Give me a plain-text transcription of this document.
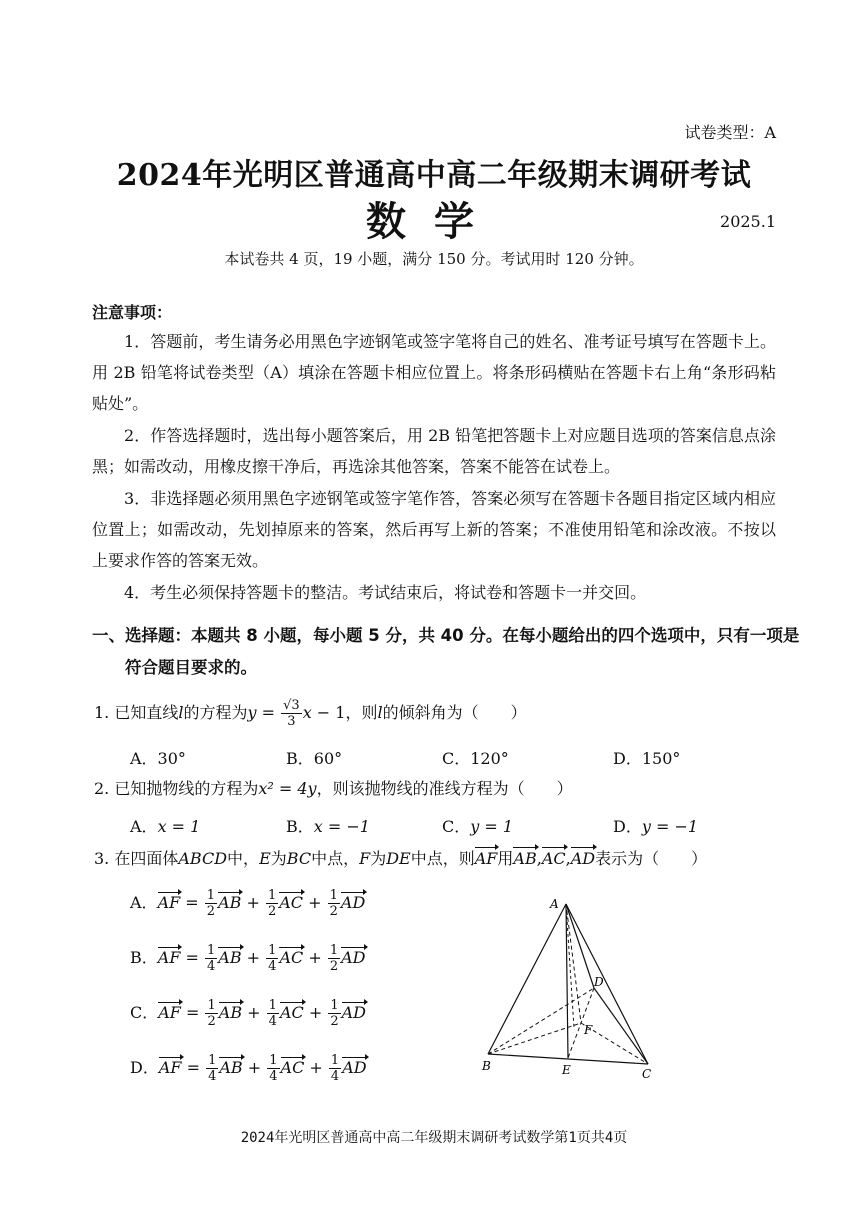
试卷类型：A
2024年光明区普通高中高二年级期末调研考试
数学	2025.1
本试卷共 4 页，19 小题，满分 150 分。考试用时 120 分钟。
注意事项：
1．答题前，考生请务必用黑色字迹钢笔或签字笔将自己的姓名、准考证号填写在答题卡上。用 2B 铅笔将试卷类型（A）填涂在答题卡相应位置上。将条形码横贴在答题卡右上角“条形码粘贴处”。
2．作答选择题时，选出每小题答案后，用 2B 铅笔把答题卡上对应题目选项的答案信息点涂黑；如需改动，用橡皮擦干净后，再选涂其他答案，答案不能答在试卷上。
3．非选择题必须用黑色字迹钢笔或签字笔作答，答案必须写在答题卡各题目指定区域内相应位置上；如需改动，先划掉原来的答案，然后再写上新的答案；不准使用铅笔和涂改液。不按以上要求作答的答案无效。
4．考生必须保持答题卡的整洁。考试结束后，将试卷和答题卡一并交回。
一、选择题：本题共 8 小题，每小题 5 分，共 40 分。在每小题给出的四个选项中，只有一项是符合题目要求的。
1. 已知直线l的方程为$y = \frac{√3}{3}$ x − 1，则l的倾斜角为（　　）
A．30°	B．60°	C．120°	D．150°
2. 已知抛物线的方程为x² = 4y，则该抛物线的准线方程为（　　）
A．x = 1	B．x = −1	C．y = 1	D．y = −1
3. 在四面体ABCD中，E为BC中点，F为DE中点，则AF用AB,AC,AD表示为（　　）
A．AF = $\frac{1}{2}$ AB + $\frac{1}{2}$ AC + $\frac{1}{2}$ AD
B．AF = $\frac{1}{4}$ AB + $\frac{1}{4}$ AC + $\frac{1}{2}$ AD
C．AF = $\frac{1}{2}$ AB + $\frac{1}{4}$ AC + $\frac{1}{2}$ AD
D．AF = $\frac{1}{4}$ AB + $\frac{1}{4}$ AC + $\frac{1}{4}$ AD
A
B
C
D
E
F
2024年光明区普通高中高二年级期末调研考试数学第1页共4页
